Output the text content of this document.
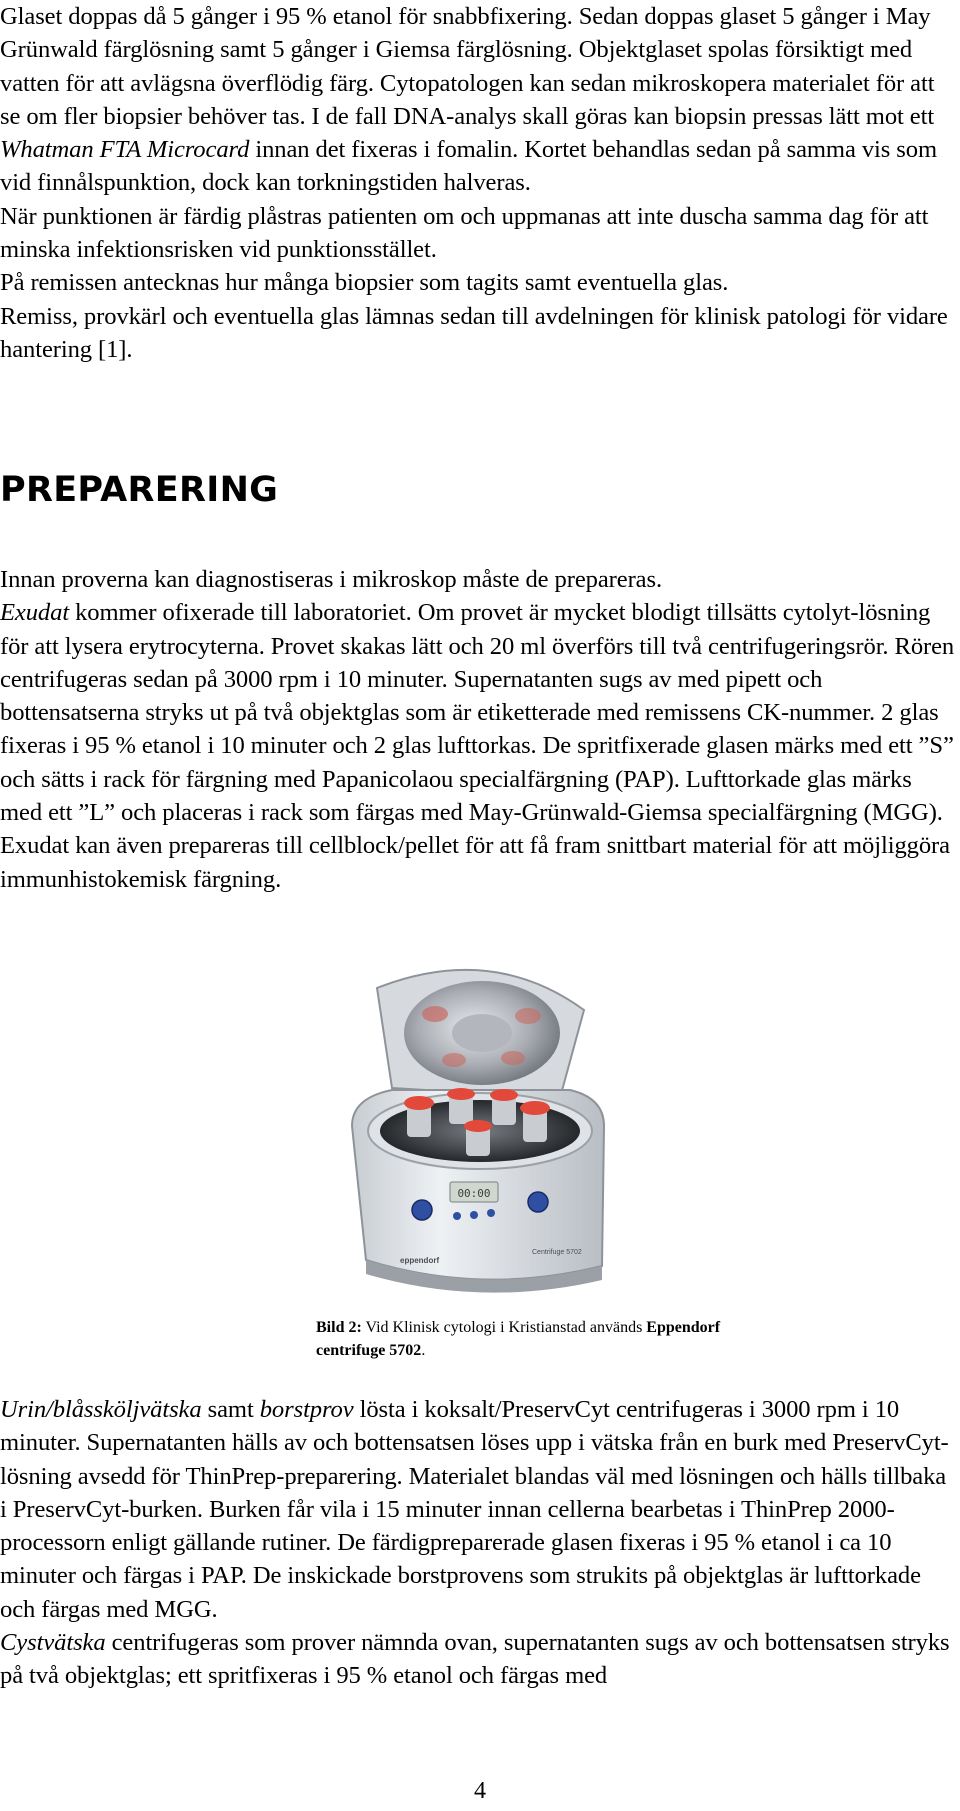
Glaset doppas då 5 gånger i 95 % etanol för snabbfixering. Sedan doppas glaset 5 gånger i May Grünwald färglösning samt 5 gånger i Giemsa färglösning. Objektglaset spolas försiktigt med vatten för att avlägsna överflödig färg. Cytopatologen kan sedan mikroskopera materialet för att se om fler biopsier behöver tas. I de fall DNA-analys skall göras kan biopsin pressas lätt mot ett Whatman FTA Microcard innan det fixeras i fomalin. Kortet behandlas sedan på samma vis som vid finnålspunktion, dock kan torkningstiden halveras.

När punktionen är färdig plåstras patienten om och uppmanas att inte duscha samma dag för att minska infektionsrisken vid punktionsstället.

På remissen antecknas hur många biopsier som tagits samt eventuella glas.

Remiss, provkärl och eventuella glas lämnas sedan till avdelningen för klinisk patologi för vidare hantering [1].

PREPARERING

Innan proverna kan diagnostiseras i mikroskop måste de prepareras.

Exudat kommer ofixerade till laboratoriet. Om provet är mycket blodigt tillsätts cytolyt-lösning för att lysera erytrocyterna. Provet skakas lätt och 20 ml överförs till två centrifugeringsrör. Rören centrifugeras sedan på 3000 rpm i 10 minuter. Supernatanten sugs av med pipett och bottensatserna stryks ut på två objektglas som är etiketterade med remissens CK-nummer. 2 glas fixeras i 95 % etanol i 10 minuter och 2 glas lufttorkas. De spritfixerade glasen märks med ett ”S” och sätts i rack för färgning med Papanicolaou specialfärgning (PAP). Lufttorkade glas märks med ett ”L” och placeras i rack som färgas med May-Grünwald-Giemsa specialfärgning (MGG). Exudat kan även prepareras till cellblock/pellet för att få fram snittbart material för att möjliggöra immunhistokemisk färgning.

00:00
eppendorf
Centrifuge 5702
Bild 2: Vid Klinisk cytologi i Kristianstad används Eppendorf centrifuge 5702.

Urin/blåssköljvätska samt borstprov lösta i koksalt/PreservCyt centrifugeras i 3000 rpm i 10 minuter. Supernatanten hälls av och bottensatsen löses upp i vätska från en burk med PreservCyt-lösning avsedd för ThinPrep-preparering. Materialet blandas väl med lösningen och hälls tillbaka i PreservCyt-burken. Burken får vila i 15 minuter innan cellerna bearbetas i ThinPrep 2000-processorn enligt gällande rutiner. De färdigpreparerade glasen fixeras i 95 % etanol i ca 10 minuter och färgas i PAP. De inskickade borstprovens som strukits på objektglas är lufttorkade och färgas med MGG.

Cystvätska centrifugeras som prover nämnda ovan, supernatanten sugs av och bottensatsen stryks på två objektglas; ett spritfixeras i 95 % etanol och färgas med

4
